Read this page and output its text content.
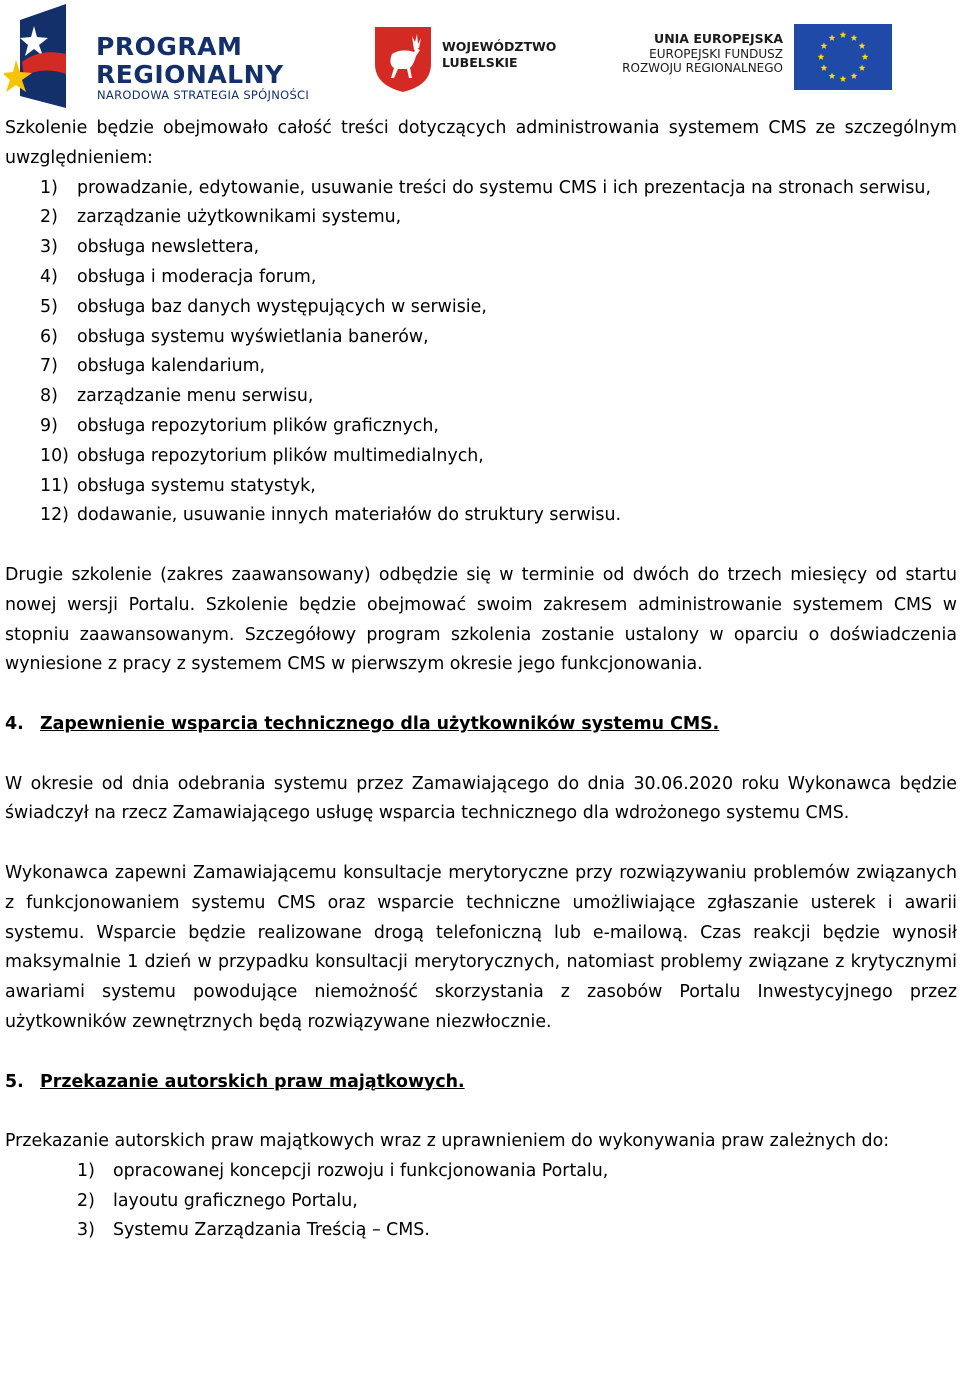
PROGRAM
REGIONALNY
NARODOWA STRATEGIA SPÓJNOŚCI
WOJEWÓDZTWO
LUBELSKIE
UNIA EUROPEJSKA
EUROPEJSKI FUNDUSZ
ROZWOJU REGIONALNEGO

Szkolenie będzie obejmowało całość treści dotyczących administrowania systemem CMS ze szczególnym uwzględnieniem:

1) prowadzanie, edytowanie, usuwanie treści do systemu CMS i ich prezentacja na stronach serwisu,
2) zarządzanie użytkownikami systemu,
3) obsługa newslettera,
4) obsługa i moderacja forum,
5) obsługa baz danych występujących w serwisie,
6) obsługa systemu wyświetlania banerów,
7) obsługa kalendarium,
8) zarządzanie menu serwisu,
9) obsługa repozytorium plików graficznych,
10) obsługa repozytorium plików multimedialnych,
11) obsługa systemu statystyk,
12) dodawanie, usuwanie innych materiałów do struktury serwisu.

Drugie szkolenie (zakres zaawansowany) odbędzie się w terminie od dwóch do trzech miesięcy od startu nowej wersji Portalu. Szkolenie będzie obejmować swoim zakresem administrowanie systemem CMS w stopniu zaawansowanym. Szczegółowy program szkolenia zostanie ustalony w oparciu o doświadczenia wyniesione z pracy z systemem CMS w pierwszym okresie jego funkcjonowania.

4. Zapewnienie wsparcia technicznego dla użytkowników systemu CMS.

W okresie od dnia odebrania systemu przez Zamawiającego do dnia 30.06.2020 roku Wykonawca będzie świadczył na rzecz Zamawiającego usługę wsparcia technicznego dla wdrożonego systemu CMS.

Wykonawca zapewni Zamawiającemu konsultacje merytoryczne przy rozwiązywaniu problemów związanych z funkcjonowaniem systemu CMS oraz wsparcie techniczne umożliwiające zgłaszanie usterek i awarii systemu. Wsparcie będzie realizowane drogą telefoniczną lub e-mailową. Czas reakcji będzie wynosił maksymalnie 1 dzień w przypadku konsultacji merytorycznych, natomiast problemy związane z krytycznymi awariami systemu powodujące niemożność skorzystania z zasobów Portalu Inwestycyjnego przez użytkowników zewnętrznych będą rozwiązywane niezwłocznie.

5. Przekazanie autorskich praw majątkowych.

Przekazanie autorskich praw majątkowych wraz z uprawnieniem do wykonywania praw zależnych do:

1) opracowanej koncepcji rozwoju i funkcjonowania Portalu,
2) layoutu graficznego Portalu,
3) Systemu Zarządzania Treścią – CMS.
